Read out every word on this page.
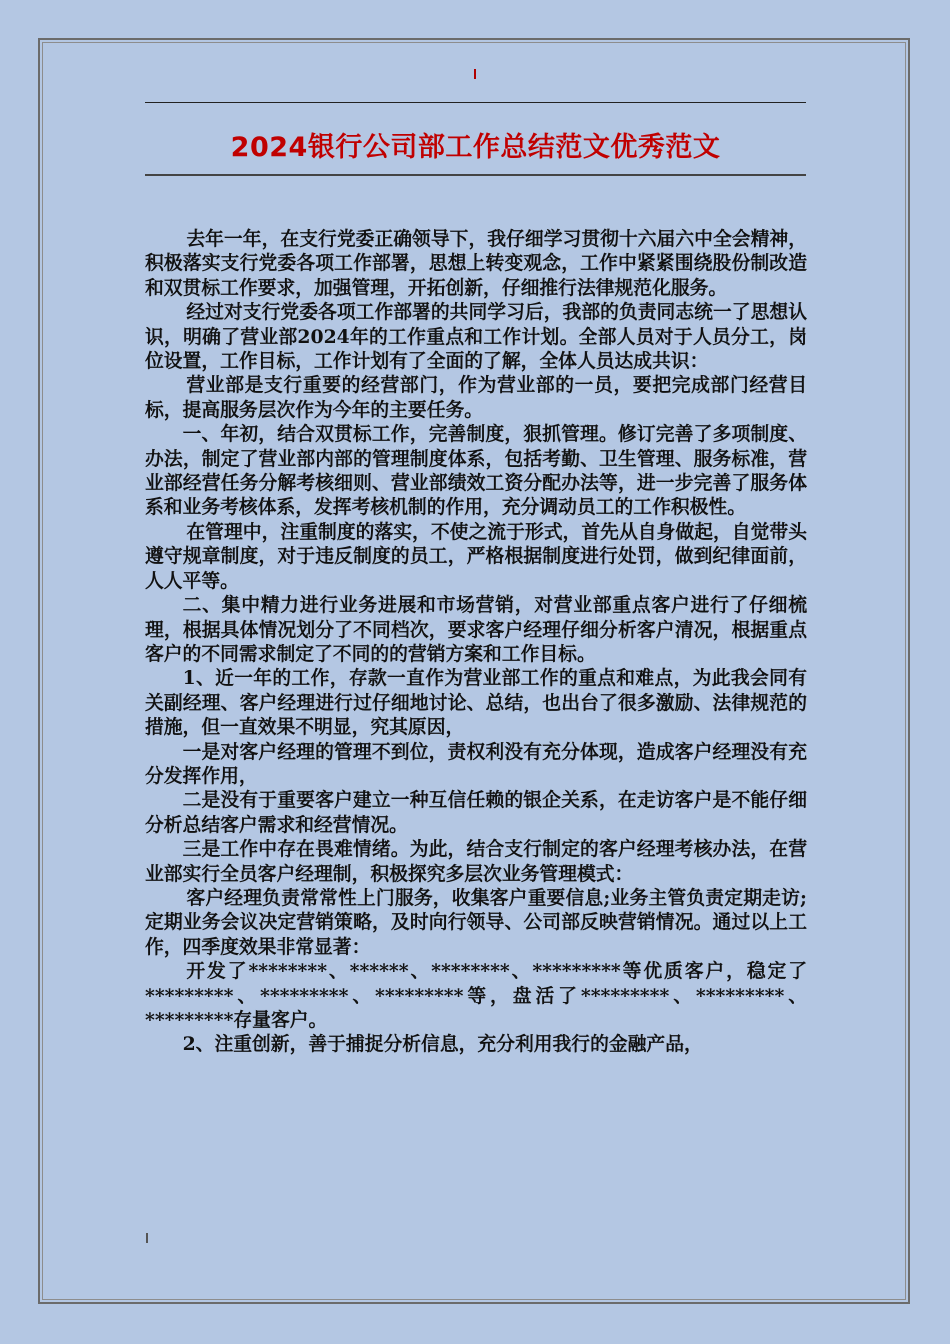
2024银行公司部工作总结范文优秀范文

去年一年，在支行党委正确领导下，我仔细学习贯彻十六届六中全会精神，积极落实支行党委各项工作部署，思想上转变观念，工作中紧紧围绕股份制改造和双贯标工作要求，加强管理，开拓创新，仔细推行法律规范化服务。

经过对支行党委各项工作部署的共同学习后，我部的负责同志统一了思想认识，明确了营业部2024年的工作重点和工作计划。全部人员对于人员分工，岗位设置，工作目标，工作计划有了全面的了解，全体人员达成共识：

营业部是支行重要的经营部门，作为营业部的一员，要把完成部门经营目标，提高服务层次作为今年的主要任务。

一、年初，结合双贯标工作，完善制度，狠抓管理。修订完善了多项制度、办法，制定了营业部内部的管理制度体系，包括考勤、卫生管理、服务标准，营业部经营任务分解考核细则、营业部绩效工资分配办法等，进一步完善了服务体系和业务考核体系，发挥考核机制的作用，充分调动员工的工作积极性。

在管理中，注重制度的落实，不使之流于形式，首先从自身做起，自觉带头遵守规章制度，对于违反制度的员工，严格根据制度进行处罚，做到纪律面前，人人平等。

二、集中精力进行业务进展和市场营销，对营业部重点客户进行了仔细梳理，根据具体情况划分了不同档次，要求客户经理仔细分析客户清况，根据重点客户的不同需求制定了不同的的营销方案和工作目标。

1、近一年的工作，存款一直作为营业部工作的重点和难点，为此我会同有关副经理、客户经理进行过仔细地讨论、总结，也出台了很多激励、法律规范的措施，但一直效果不明显，究其原因，

一是对客户经理的管理不到位，责权利没有充分体现，造成客户经理没有充分发挥作用，

二是没有于重要客户建立一种互信任赖的银企关系，在走访客户是不能仔细分析总结客户需求和经营情况。

三是工作中存在畏难情绪。为此，结合支行制定的客户经理考核办法，在营业部实行全员客户经理制，积极探究多层次业务管理模式：

客户经理负责常常性上门服务，收集客户重要信息;业务主管负责定期走访;定期业务会议决定营销策略，及时向行领导、公司部反映营销情况。通过以上工作，四季度效果非常显著：

开发了********、******、********、*********等优质客户，稳定了*********、*********、*********等，盘活了*********、*********、*********存量客户。

2、注重创新，善于捕捉分析信息，充分利用我行的金融产品，
